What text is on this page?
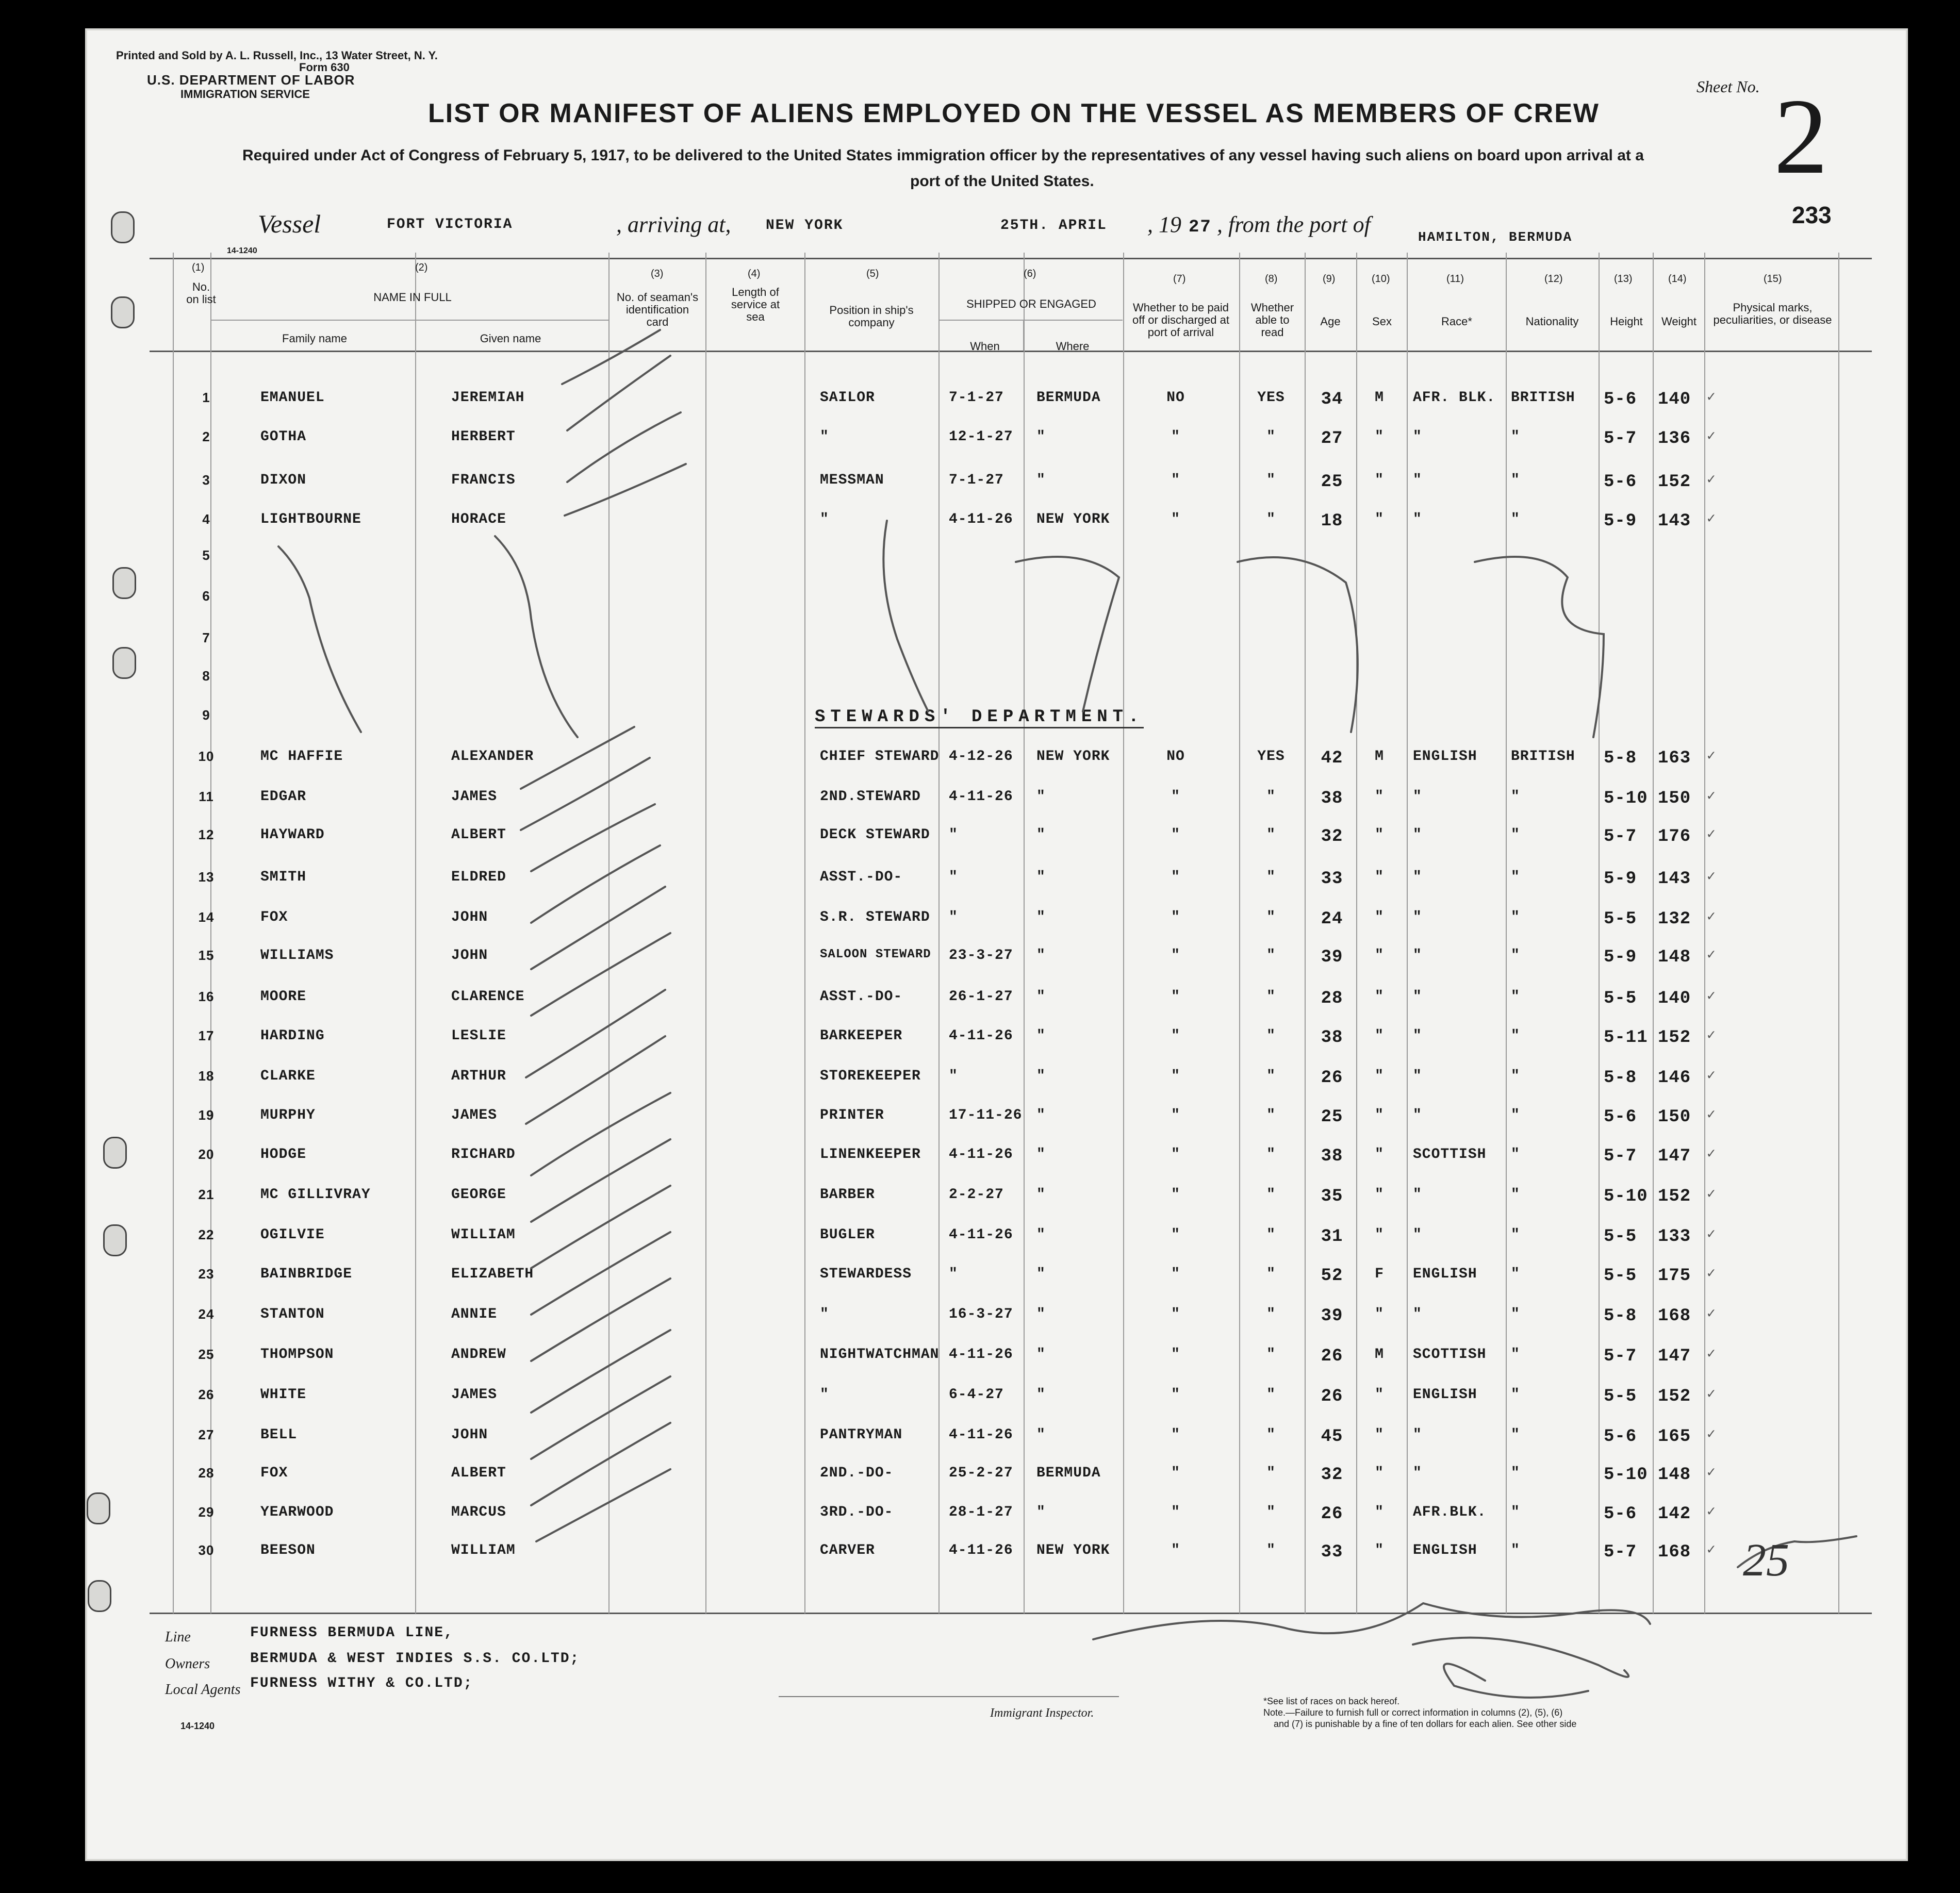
Printed and Sold by A. L. Russell, Inc., 13 Water Street, N. Y.
Form 630
U.S. DEPARTMENT OF LABOR
IMMIGRATION SERVICE	Sheet No. 2
233
LIST OR MANIFEST OF ALIENS EMPLOYED ON THE VESSEL AS MEMBERS OF CREW
Required under Act of Congress of February 5, 1917, to be delivered to the United States immigration officer by the representatives of any vessel having such aliens on board upon arrival at a
port of the United States.
Vessel	FORT VICTORIA	, arriving at, NEW YORK	25TH. APRIL , 19 27 , from the port of	HAMILTON, BERMUDA
14-1240
(1)
No. on list
(2)
NAME IN FULL
Family name	Given name
(3)
No. of seaman's identification card
(4)
Length of service at sea
(5)
Position in ship's company
(6)
SHIPPED OR ENGAGED
When	Where
(7)
Whether to be paid off or discharged at port of arrival
(8)
Whether able to read
(9)
Age
(10)
Sex
(11)
Race*
(12)
Nationality
(13)
Height
(14)
Weight
(15)
Physical marks, peculiarities, or disease
STEWARDS' DEPARTMENT.
1	EMANUEL	JEREMIAH	SAILOR	7-1-27 BERMUDA	NO	YES	34	M	AFR. BLK. BRITISH 5-6 140 ✓
2	GOTHA	HERBERT	"	12-1-27 "	"	"	27	"	"	"	5-7 136 ✓
3	DIXON	FRANCIS	MESSMAN	7-1-27 "	"	"	25	"	"	"	5-6 152 ✓
4	LIGHTBOURNE	HORACE	"	4-11-26 NEW YORK	"	"	18	"	"	"	5-9 143 ✓
5
6
7
8
9
10	MC HAFFIE	ALEXANDER	CHIEF STEWARD 4-12-26 NEW YORK	NO	YES	42	M	ENGLISH BRITISH 5-8 163 ✓
11	EDGAR	JAMES	2ND.STEWARD 4-11-26 "	"	"	38	"	"	"	5-10 150 ✓
12	HAYWARD	ALBERT	DECK STEWARD "	"	"	"	32	"	"	"	5-7 176 ✓
13	SMITH	ELDRED	ASST.-DO-	"	"	"	"	33	"	"	"	5-9 143 ✓
14	FOX	JOHN	S.R. STEWARD "	"	"	"	24	"	"	"	5-5 132 ✓
15	WILLIAMS	JOHN	SALOON STEWARD 23-3-27 "	"	"	39	"	"	"	5-9 148 ✓
16	MOORE	CLARENCE	ASST.-DO-	26-1-27 "	"	"	28	"	"	"	5-5 140 ✓
17	HARDING	LESLIE	BARKEEPER	4-11-26 "	"	"	38	"	"	"	5-11 152 ✓
18	CLARKE	ARTHUR	STOREKEEPER "	"	"	"	26	"	"	"	5-8 146 ✓
19	MURPHY	JAMES	PRINTER	17-11-26 "	"	"	25	"	"	"	5-6 150 ✓
20	HODGE	RICHARD	LINENKEEPER 4-11-26 "	"	"	38	"	SCOTTISH "	5-7 147 ✓
21	MC GILLIVRAY	GEORGE	BARBER	2-2-27 "	"	"	35	"	"	"	5-10 152 ✓
22	OGILVIE	WILLIAM	BUGLER	4-11-26 "	"	"	31	"	"	"	5-5 133 ✓
23	BAINBRIDGE	ELIZABETH	STEWARDESS	"	"	"	"	52	F	ENGLISH "	5-5 175 ✓
24	STANTON	ANNIE	"	16-3-27 "	"	"	39	"	"	"	5-8 168 ✓
25	THOMPSON	ANDREW	NIGHTWATCHMAN 4-11-26 "	"	"	26	M	SCOTTISH "	5-7 147 ✓
26	WHITE	JAMES	"	6-4-27 "	"	"	26	"	ENGLISH "	5-5 152 ✓
27	BELL	JOHN	PANTRYMAN	4-11-26 "	"	"	45	"	"	"	5-6 165 ✓
28	FOX	ALBERT	2ND.-DO-	25-2-27 BERMUDA	"	"	32	"	"	"	5-10 148 ✓
29	YEARWOOD	MARCUS	3RD.-DO-	28-1-27 "	"	"	26	"	AFR.BLK. "	5-6 142 ✓
30	BEESON	WILLIAM	CARVER	4-11-26 NEW YORK	"	"	33	"	ENGLISH "	5-7 168 ✓ 25
Line	FURNESS BERMUDA LINE,
Owners	BERMUDA & WEST INDIES S.S. CO.LTD;
Local Agents FURNESS WITHY & CO.LTD;
14-1240
Immigrant Inspector.
*See list of races on back hereof.
Note.—Failure to furnish full or correct information in columns (2), (5), (6)
and (7) is punishable by a fine of ten dollars for each alien. See other side
